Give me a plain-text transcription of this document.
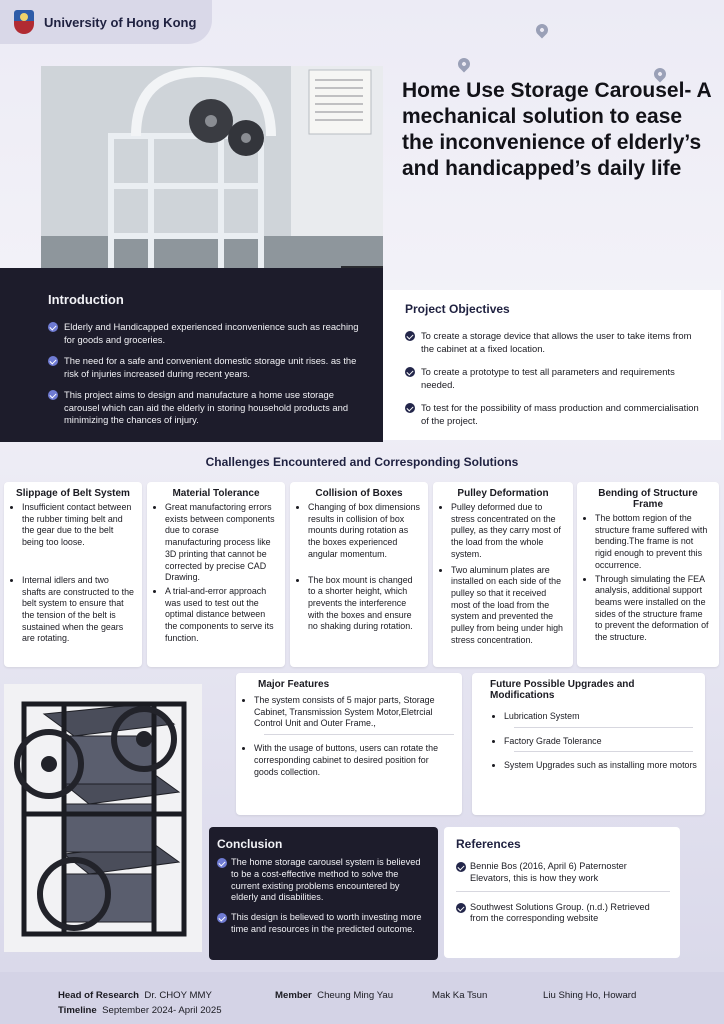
University of Hong Kong
Home Use Storage Carousel- A mechanical solution to ease the inconvenience of elderly’s and handicapped’s daily life
Introduction
Elderly and Handicapped experienced inconvenience such as reaching for goods and groceries.
The need for a safe and convenient domestic storage unit rises. as the risk of injuries increased during recent years.
This project aims to design and manufacture a home use storage carousel which can aid the elderly in storing household products and minimizing the chances of injury.
Project Objectives
To create a storage device that allows the user to take items from the cabinet at a fixed location.
To create a prototype to test all parameters and requirements needed.
To test for the possibility of mass production and commercialisation of the project.
Challenges Encountered and Corresponding Solutions
Slippage of Belt System
• Insufficient contact between the rubber timing belt and the gear due to the belt being too loose.
• Internal idlers and two shafts are constructed to the belt system to ensure that the tension of the belt is sustained when the gears are rotating.
Material Tolerance
• Great manufactoring errors exists between components due to corase manufacturing process like 3D printing that cannot be corrected by precise CAD Drawing.
• A trial-and-error approach was used to test out the optimal distance between the components to serve its function.
Collision of Boxes
• Changing of box dimensions results in collision of box mounts during rotation as the boxes experienced angular momentum.
• The box mount is changed to a shorter height, which prevents the interference with the boxes and ensure no shaking during rotation.
Pulley Deformation
• Pulley deformed due to stress concentrated on the pulley, as they carry most of the load from the whole system.
• Two aluminum plates are installed on each side of the pulley so that it received most of the load from the system and prevented the pulley from being under high stress concentration.
Bending of Structure Frame
• The bottom region of the structure frame suffered with bending.The frame is not rigid enough to prevent this occurrence.
• Through simulating the FEA analysis, additional support beams were installed on the sides of the structure frame to prevent the deformation of the structure.
Major Features
• The system consists of 5 major parts, Storage Cabinet, Transmission System Motor,Eletrcial Control Unit and Outer Frame.,
• With the usage of buttons, users can rotate the corresponding cabinet to desired position for goods collection.
Future Possible Upgrades and Modifications
• Lubrication System
• Factory Grade Tolerance
• System Upgrades such as installing more motors
Conclusion
The home storage carousel system is believed to be a cost-effective method to solve the current existing problems encountered by elderly and disabilities.
This design is believed to worth investing more time and resources in the predicted outcome.
References
Bennie Bos (2016, April 6) Paternoster Elevators, this is how they work
Southwest Solutions Group. (n.d.) Retrieved from the corresponding website
Head of Research Dr. CHOY MMY
Timeline September 2024- April 2025
Member Cheung Ming Yau	Mak Ka Tsun	Liu Shing Ho, Howard
